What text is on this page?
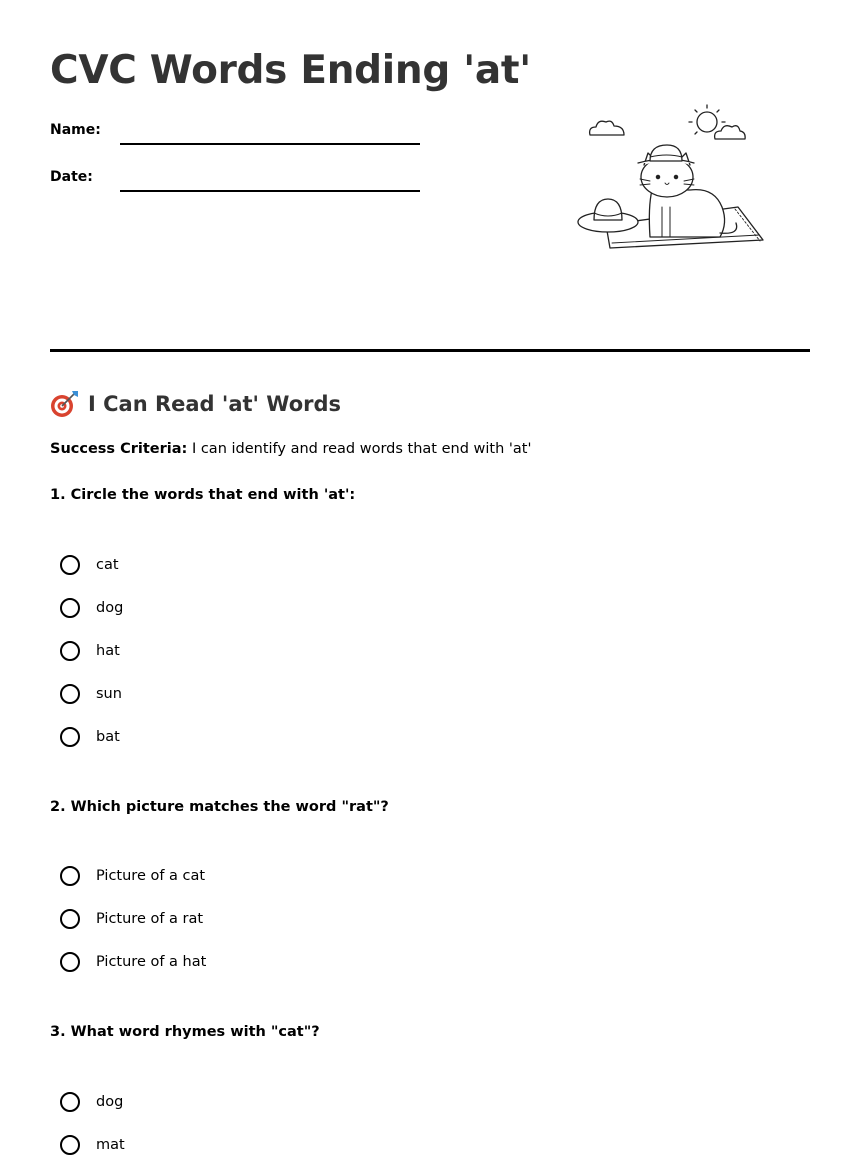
CVC Words Ending 'at'
Name:
Date:
I Can Read 'at' Words
Success Criteria: I can identify and read words that end with 'at'
1. Circle the words that end with 'at':
cat
dog
hat
sun
bat
2. Which picture matches the word "rat"?
Picture of a cat
Picture of a rat
Picture of a hat
3. What word rhymes with "cat"?
dog
mat
